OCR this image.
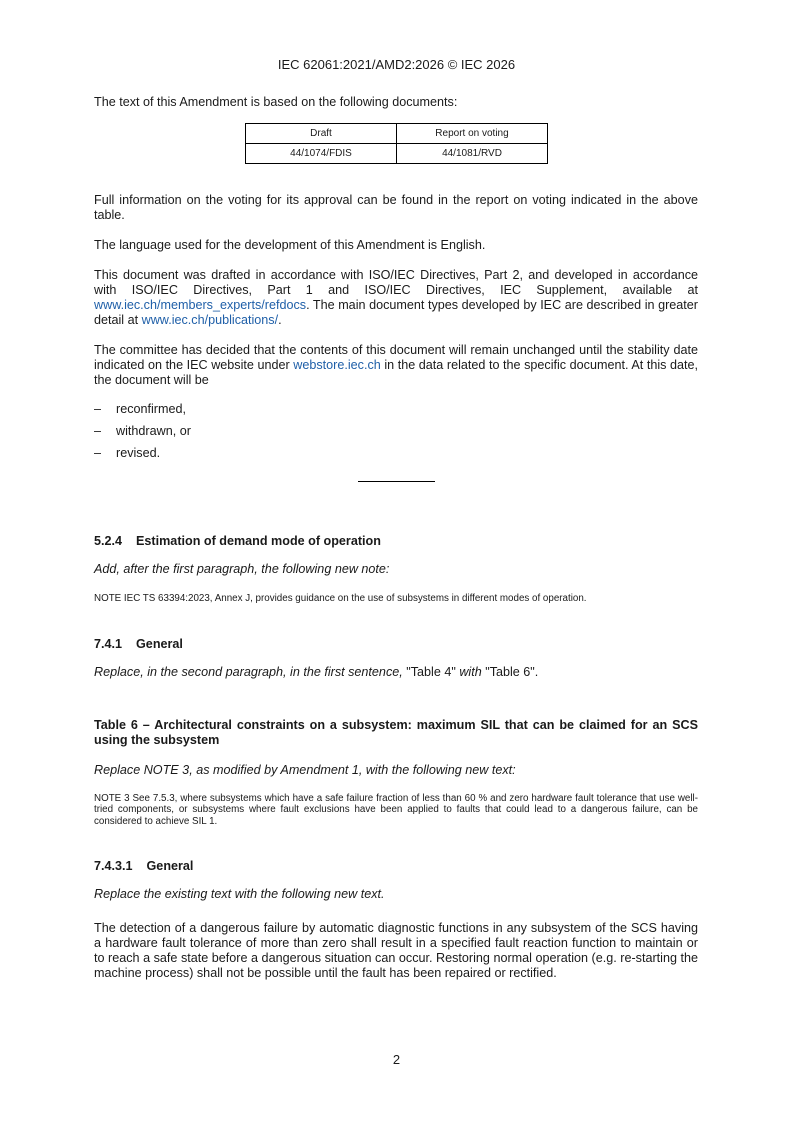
IEC 62061:2021/AMD2:2026 © IEC 2026

The text of this Amendment is based on the following documents:

Draft	Report on voting
44/1074/FDIS	44/1081/RVD

Full information on the voting for its approval can be found in the report on voting indicated in the above table.

The language used for the development of this Amendment is English.

This document was drafted in accordance with ISO/IEC Directives, Part 2, and developed in accordance with ISO/IEC Directives, Part 1 and ISO/IEC Directives, IEC Supplement, available at www.iec.ch/members_experts/refdocs. The main document types developed by IEC are described in greater detail at www.iec.ch/publications/.

The committee has decided that the contents of this document will remain unchanged until the stability date indicated on the IEC website under webstore.iec.ch in the data related to the specific document. At this date, the document will be

–	reconfirmed,
–	withdrawn, or
–	revised.
5.2.4 Estimation of demand mode of operation

Add, after the first paragraph, the following new note:

NOTE IEC TS 63394:2023, Annex J, provides guidance on the use of subsystems in different modes of operation.

7.4.1 General

Replace, in the second paragraph, in the first sentence, "Table 4" with "Table 6".

Table 6 – Architectural constraints on a subsystem: maximum SIL that can be claimed for an SCS using the subsystem

Replace NOTE 3, as modified by Amendment 1, with the following new text:

NOTE 3 See 7.5.3, where subsystems which have a safe failure fraction of less than 60 % and zero hardware fault tolerance that use well-tried components, or subsystems where fault exclusions have been applied to faults that could lead to a dangerous failure, can be considered to achieve SIL 1.

7.4.3.1 General

Replace the existing text with the following new text.

The detection of a dangerous failure by automatic diagnostic functions in any subsystem of the SCS having a hardware fault tolerance of more than zero shall result in a specified fault reaction function to maintain or to reach a safe state before a dangerous situation can occur. Restoring normal operation (e.g. re-starting the machine process) shall not be possible until the fault has been repaired or rectified.

2
